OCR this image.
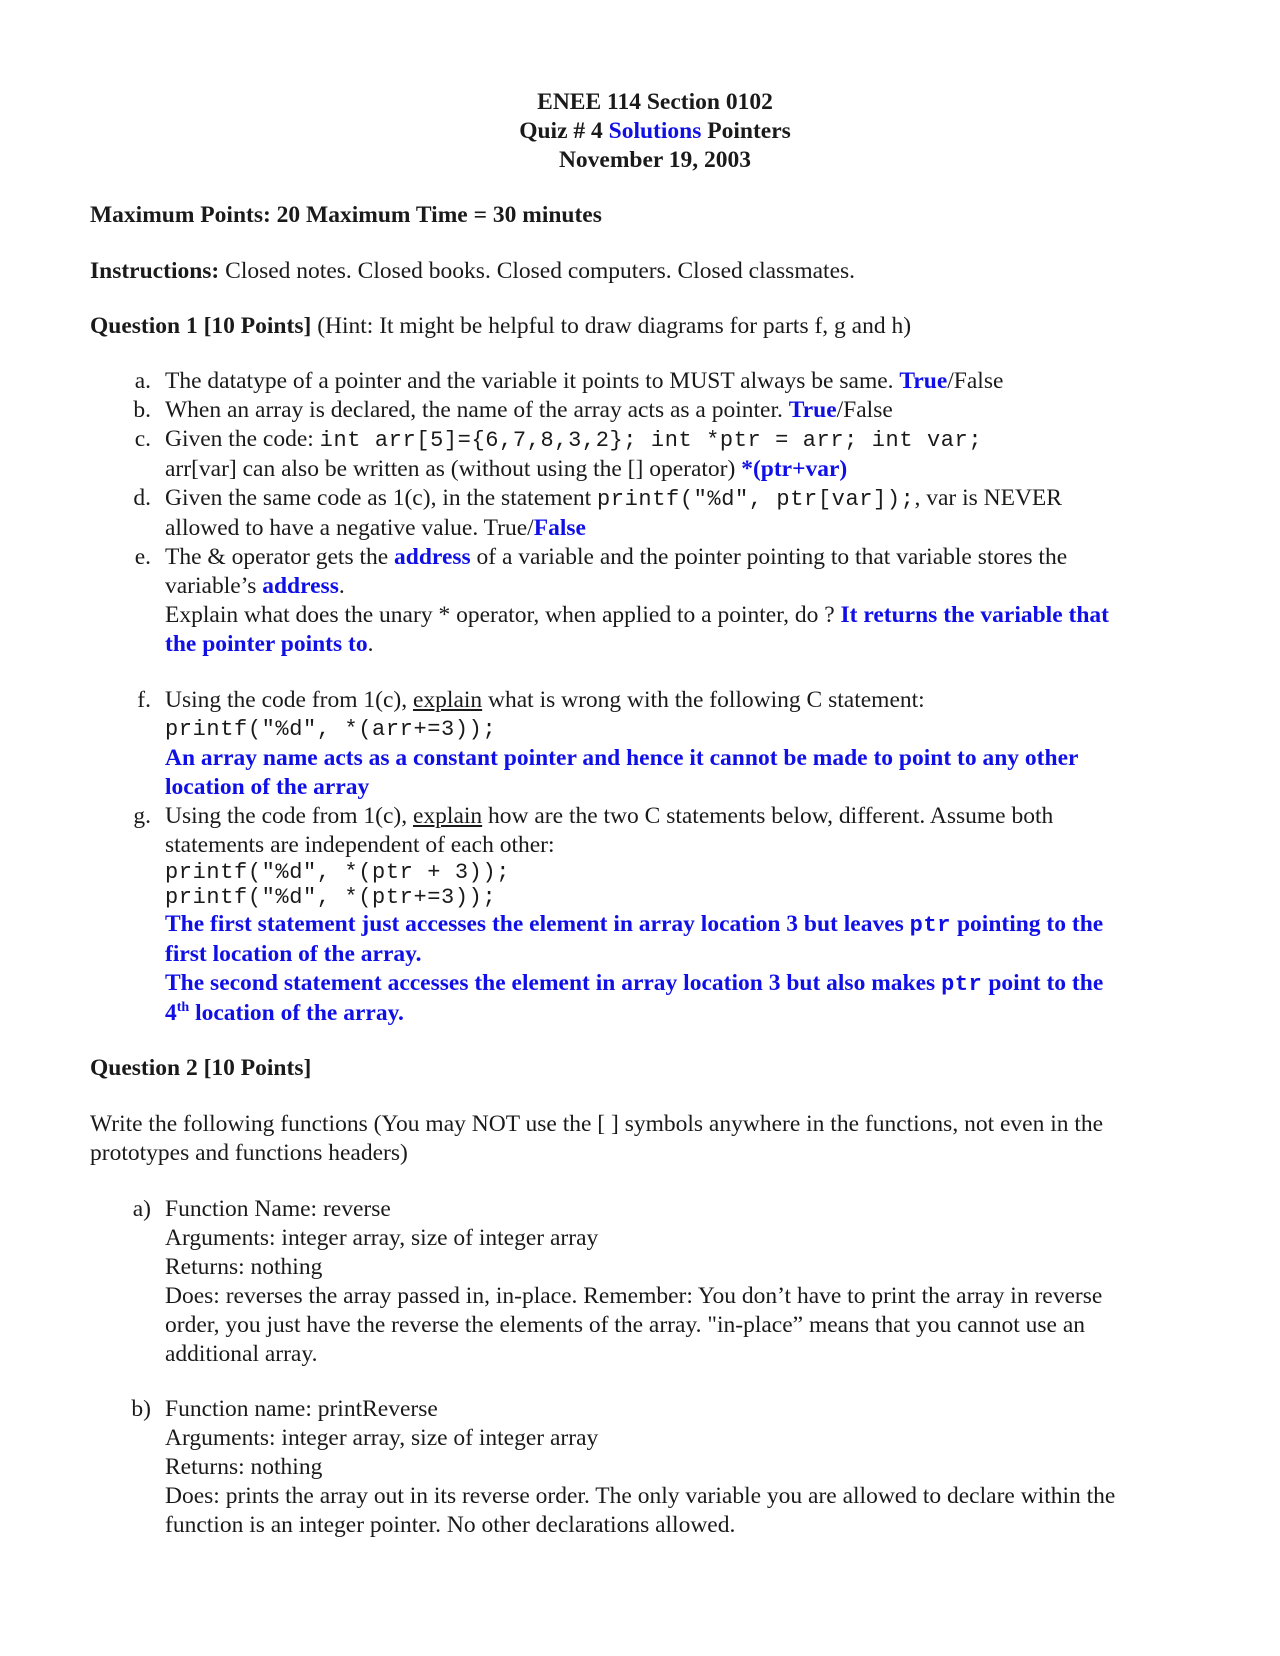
ENEE 114 Section 0102
Quiz # 4 Solutions Pointers
November 19, 2003

Maximum Points: 20 Maximum Time = 30 minutes

Instructions: Closed notes. Closed books. Closed computers. Closed classmates.

Question 1 [10 Points] (Hint: It might be helpful to draw diagrams for parts f, g and h)

a. The datatype of a pointer and the variable it points to MUST always be same. True/False
b. When an array is declared, the name of the array acts as a pointer. True/False
c. Given the code: int arr[5]={6,7,8,3,2}; int *ptr = arr; int var;
arr[var] can also be written as (without using the [] operator) *(ptr+var)
d. Given the same code as 1(c), in the statement printf("%d", ptr[var]);, var is NEVER
allowed to have a negative value. True/False
e. The & operator gets the address of a variable and the pointer pointing to that variable stores the
variable’s address.
Explain what does the unary * operator, when applied to a pointer, do ? It returns the variable that
the pointer points to.
f. Using the code from 1(c), explain what is wrong with the following C statement:
printf("%d", *(arr+=3));
An array name acts as a constant pointer and hence it cannot be made to point to any other
location of the array
g. Using the code from 1(c), explain how are the two C statements below, different. Assume both
statements are independent of each other:
printf("%d", *(ptr + 3));
printf("%d", *(ptr+=3));
The first statement just accesses the element in array location 3 but leaves ptr pointing to the
first location of the array.
The second statement accesses the element in array location 3 but also makes ptr point to the
4th location of the array.

Question 2 [10 Points]

Write the following functions (You may NOT use the [ ] symbols anywhere in the functions, not even in the
prototypes and functions headers)
a) Function Name: reverse
Arguments: integer array, size of integer array
Returns: nothing
Does: reverses the array passed in, in-place. Remember: You don’t have to print the array in reverse
order, you just have the reverse the elements of the array. "in-place” means that you cannot use an
additional array.
b) Function name: printReverse
Arguments: integer array, size of integer array
Returns: nothing
Does: prints the array out in its reverse order. The only variable you are allowed to declare within the
function is an integer pointer. No other declarations allowed.
